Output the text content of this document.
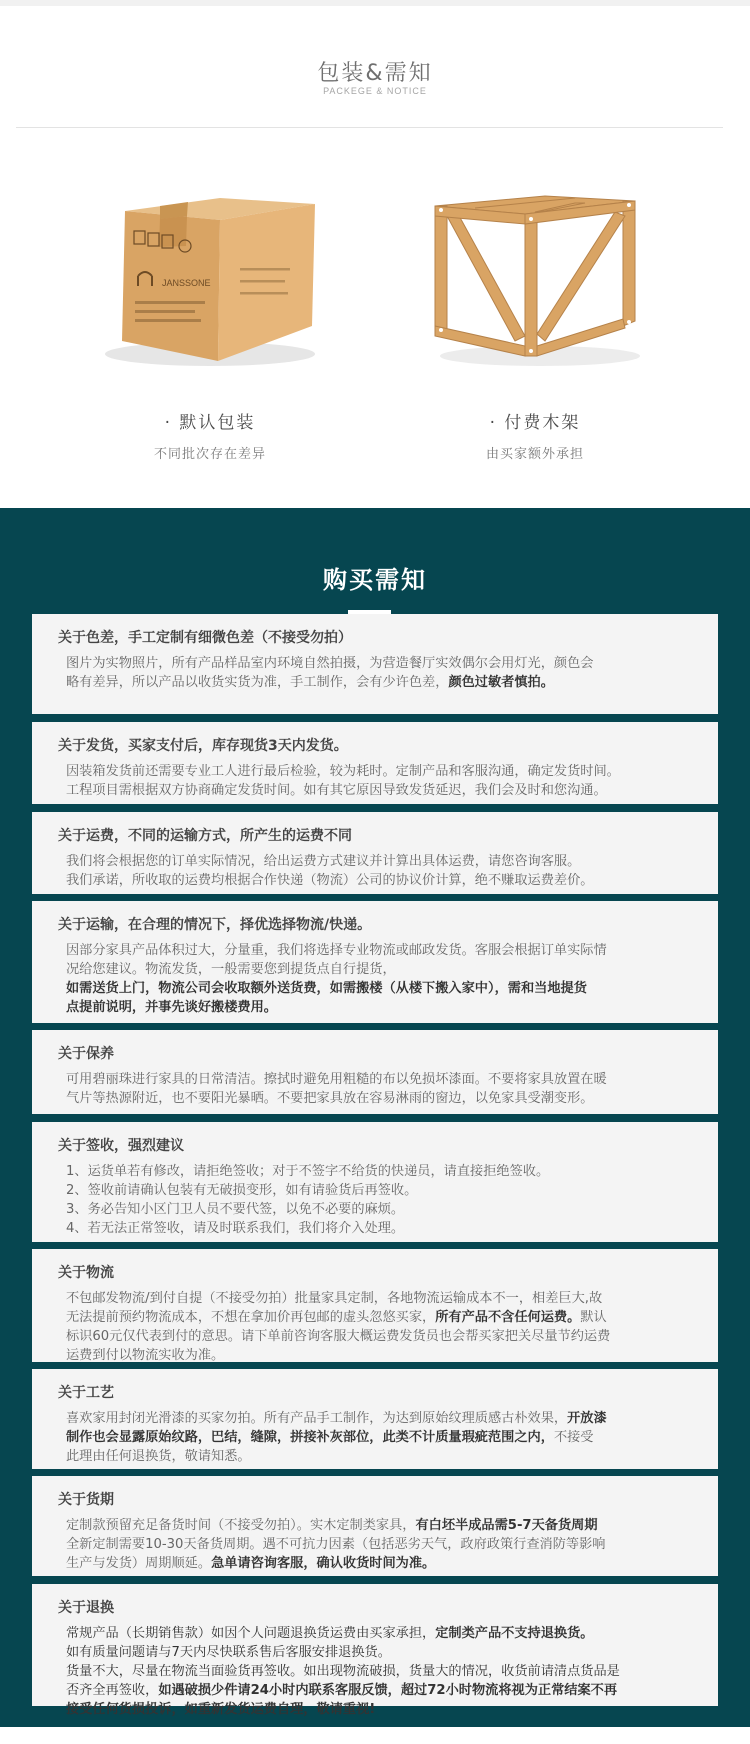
包装&需知
PACKEGE & NOTICE
JANSSONE
· 默认包装
不同批次存在差异
· 付费木架
由买家额外承担
购买需知
关于色差，手工定制有细微色差（不接受勿拍）
图片为实物照片，所有产品样品室内环境自然拍摄，为营造餐厅实效偶尔会用灯光，颜色会
略有差异，所以产品以收货实货为准，手工制作，会有少许色差，颜色过敏者慎拍。
关于发货，买家支付后，库存现货3天内发货。
因装箱发货前还需要专业工人进行最后检验，较为耗时。定制产品和客服沟通，确定发货时间。
工程项目需根据双方协商确定发货时间。如有其它原因导致发货延迟，我们会及时和您沟通。
关于运费，不同的运输方式，所产生的运费不同
我们将会根据您的订单实际情况，给出运费方式建议并计算出具体运费，请您咨询客服。
我们承诺，所收取的运费均根据合作快递（物流）公司的协议价计算，绝不赚取运费差价。
关于运输，在合理的情况下，择优选择物流/快递。
因部分家具产品体积过大，分量重，我们将选择专业物流或邮政发货。客服会根据订单实际情
况给您建议。物流发货，一般需要您到提货点自行提货，
如需送货上门，物流公司会收取额外送货费，如需搬楼（从楼下搬入家中），需和当地提货
点提前说明，并事先谈好搬楼费用。
关于保养
可用碧丽珠进行家具的日常清洁。擦拭时避免用粗糙的布以免损坏漆面。不要将家具放置在暖
气片等热源附近，也不要阳光暴晒。不要把家具放在容易淋雨的窗边，以免家具受潮变形。
关于签收，强烈建议
1、运货单若有修改，请拒绝签收；对于不签字不给货的快递员，请直接拒绝签收。
2、签收前请确认包装有无破损变形，如有请验货后再签收。
3、务必告知小区门卫人员不要代签，以免不必要的麻烦。
4、若无法正常签收，请及时联系我们，我们将介入处理。
关于物流
不包邮发物流/到付自提（不接受勿拍）批量家具定制，各地物流运输成本不一，相差巨大,故
无法提前预约物流成本，不想在拿加价再包邮的虚头忽悠买家，所有产品不含任何运费。默认
标识60元仅代表到付的意思。请下单前咨询客服大概运费发货员也会帮买家把关尽量节约运费
运费到付以物流实收为准。
关于工艺
喜欢家用封闭光滑漆的买家勿拍。所有产品手工制作，为达到原始纹理质感古朴效果，开放漆
制作也会显露原始纹路，巴结，缝隙，拼接补灰部位，此类不计质量瑕疵范围之内，不接受
此理由任何退换货，敬请知悉。
关于货期
定制款预留充足备货时间（不接受勿拍）。实木定制类家具，有白坯半成品需5-7天备货周期
全新定制需要10-30天备货周期。遇不可抗力因素（包括恶劣天气，政府政策行查消防等影响
生产与发货）周期顺延。急单请咨询客服，确认收货时间为准。
关于退换
常规产品（长期销售款）如因个人问题退换货运费由买家承担，定制类产品不支持退换货。
如有质量问题请与7天内尽快联系售后客服安排退换货。
货量不大，尽量在物流当面验货再签收。如出现物流破损，货量大的情况，收货前请清点货品是
否齐全再签收，如遇破损少件请24小时内联系客服反馈，超过72小时物流将视为正常结案不再
接受任何货损投诉，如重新发货运费自理，敬请重视!
